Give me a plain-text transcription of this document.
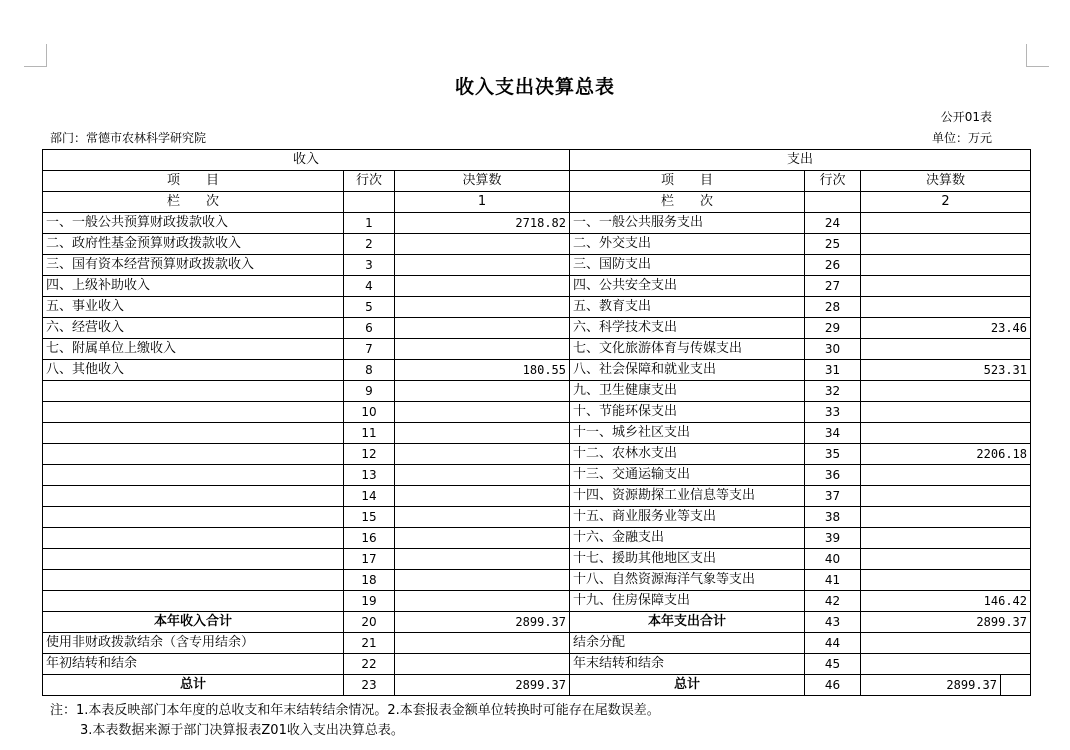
收入支出决算总表
公开01表
部门：常德市农林科学研究院	单位：万元
收入			支出			
项　　目	行次	决算数	项　　目	行次	决算数	
栏　　次		1	栏　　次		2	
一、一般公共预算财政拨款收入	1	2718.82	一、一般公共服务支出	24		
二、政府性基金预算财政拨款收入	2		二、外交支出	25		
三、国有资本经营预算财政拨款收入	3		三、国防支出	26		
四、上级补助收入	4		四、公共安全支出	27		
五、事业收入	5		五、教育支出	28		
六、经营收入	6		六、科学技术支出	29	23.46	
七、附属单位上缴收入	7		七、文化旅游体育与传媒支出	30		
八、其他收入	8	180.55	八、社会保障和就业支出	31	523.31	
	9		九、卫生健康支出	32		
	10		十、节能环保支出	33		
	11		十一、城乡社区支出	34		
	12		十二、农林水支出	35	2206.18	
	13		十三、交通运输支出	36		
	14		十四、资源勘探工业信息等支出	37		
	15		十五、商业服务业等支出	38		
	16		十六、金融支出	39		
	17		十七、援助其他地区支出	40		
	18		十八、自然资源海洋气象等支出	41		
	19		十九、住房保障支出	42	146.42	
本年收入合计	20	2899.37	本年支出合计	43	2899.37	
使用非财政拨款结余（含专用结余）	21		结余分配	44		
年初结转和结余	22		年末结转和结余	45		
总计	23	2899.37	总计	46	2899.37	
注：1.本表反映部门本年度的总收支和年末结转结余情况。2.本套报表金额单位转换时可能存在尾数误差。
3.本表数据来源于部门决算报表Z01收入支出决算总表。
